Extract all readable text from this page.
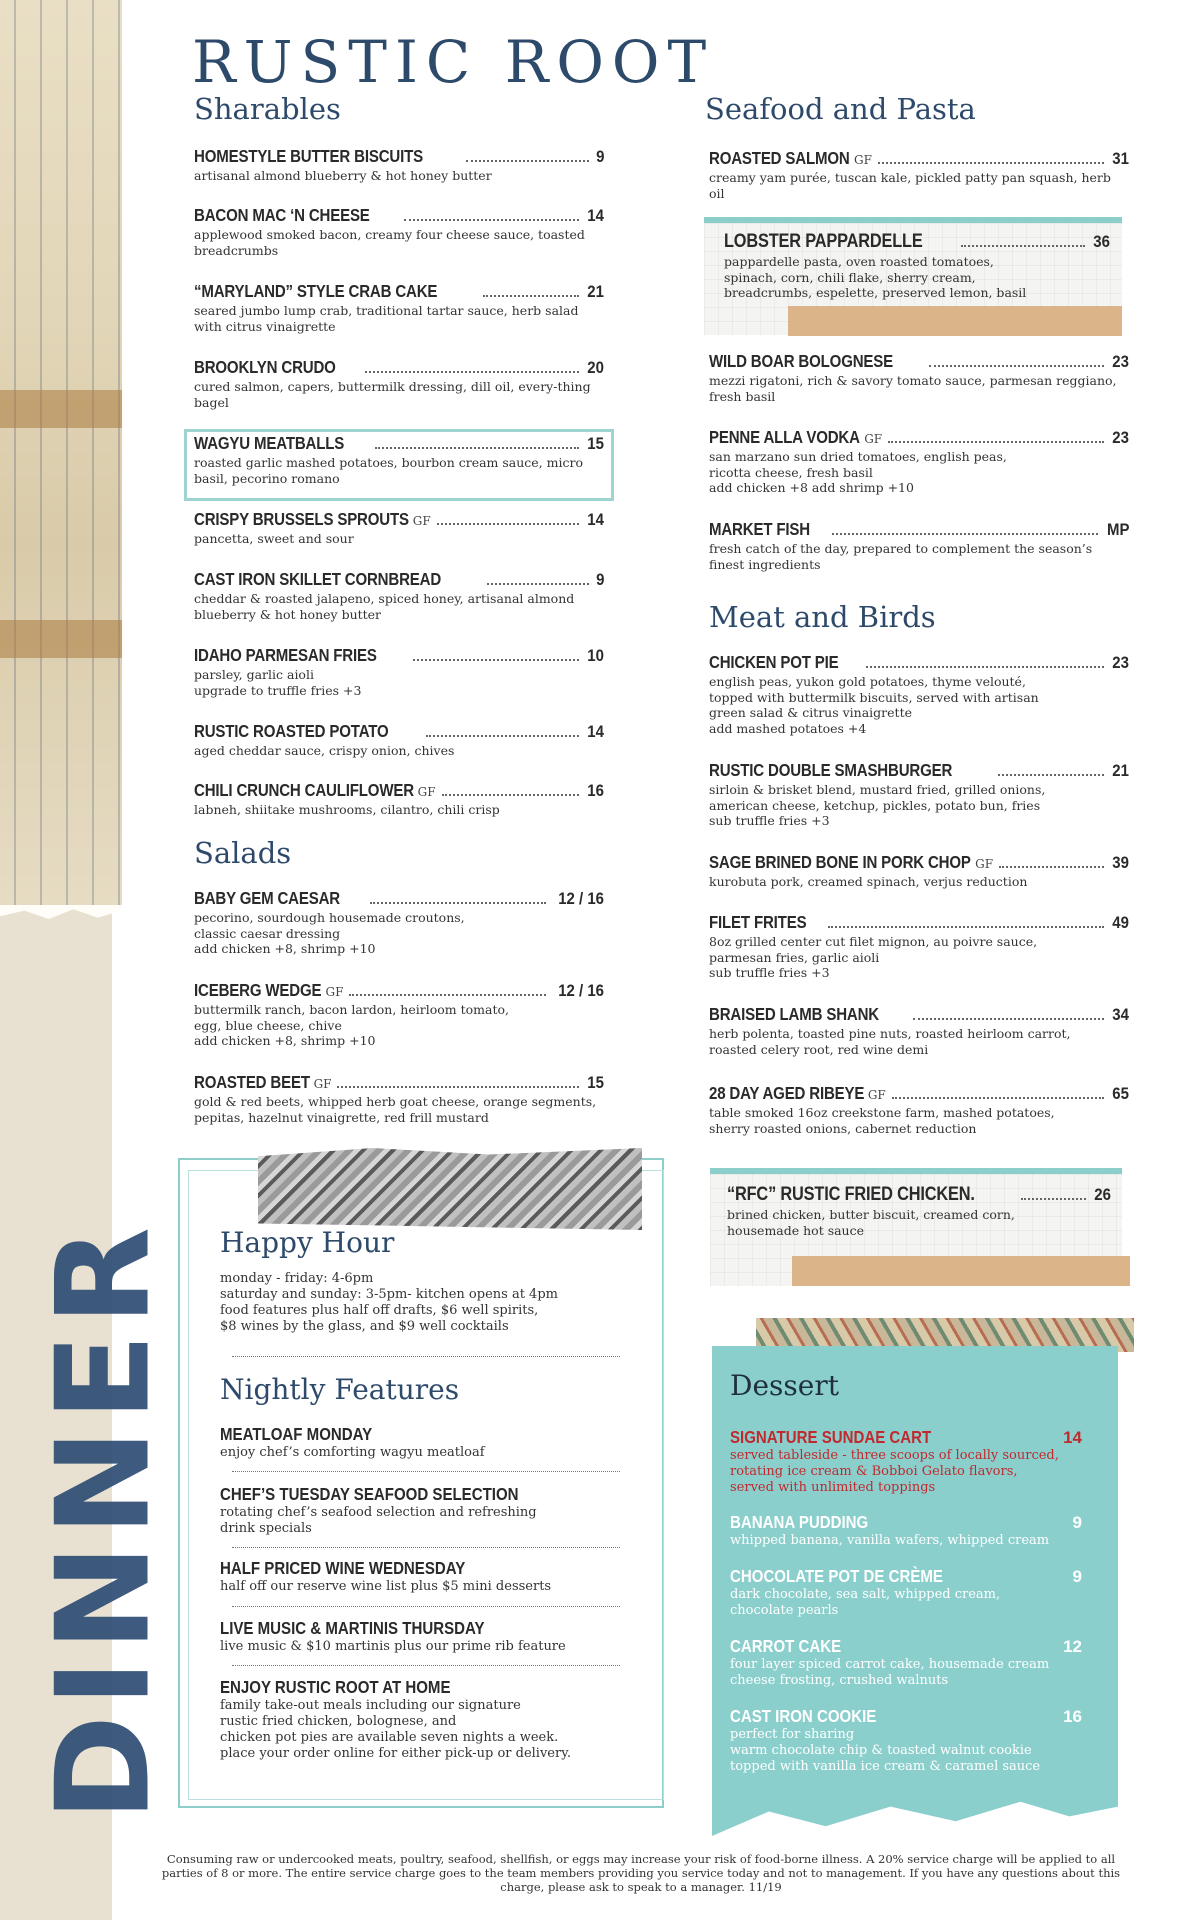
DINNER
RUSTIC ROOT
Sharables
Salads
Seafood and Pasta
Meat and Birds
HOMESTYLE BUTTER BISCUITS	9
artisanal almond blueberry & hot honey butter
BACON MAC ‘N CHEESE	14
applewood smoked bacon, creamy four cheese sauce, toasted breadcrumbs
“MARYLAND” STYLE CRAB CAKE	21
seared jumbo lump crab, traditional tartar sauce, herb salad with citrus vinaigrette
BROOKLYN CRUDO	20
cured salmon, capers, buttermilk dressing, dill oil, every-thing bagel
WAGYU MEATBALLS	15
roasted garlic mashed potatoes, bourbon cream sauce, micro basil, pecorino romano
CRISPY BRUSSELS SPROUTS GF	14
pancetta, sweet and sour
CAST IRON SKILLET CORNBREAD	9
cheddar & roasted jalapeno, spiced honey, artisanal almond blueberry & hot honey butter
IDAHO PARMESAN FRIES	10
parsley, garlic aioli
upgrade to truffle fries +3
RUSTIC ROASTED POTATO	14
aged cheddar sauce, crispy onion, chives
CHILI CRUNCH CAULIFLOWER GF	16
labneh, shiitake mushrooms, cilantro, chili crisp
BABY GEM CAESAR	12 / 16
pecorino, sourdough housemade croutons,
classic caesar dressing
add chicken +8, shrimp +10
ICEBERG WEDGE GF	12 / 16
buttermilk ranch, bacon lardon, heirloom tomato,
egg, blue cheese, chive
add chicken +8, shrimp +10
ROASTED BEET GF	15
gold & red beets, whipped herb goat cheese, orange segments, pepitas, hazelnut vinaigrette, red frill mustard
ROASTED SALMON GF	31
creamy yam purée, tuscan kale, pickled patty pan squash, herb oil
LOBSTER PAPPARDELLE	36
pappardelle pasta, oven roasted tomatoes,
spinach, corn, chili flake, sherry cream,
breadcrumbs, espelette, preserved lemon, basil
WILD BOAR BOLOGNESE	23
mezzi rigatoni, rich & savory tomato sauce, parmesan reggiano, fresh basil
PENNE ALLA VODKA GF	23
san marzano sun dried tomatoes, english peas,
ricotta cheese, fresh basil
add chicken +8 add shrimp +10
MARKET FISH	MP
fresh catch of the day, prepared to complement the season’s finest ingredients
CHICKEN POT PIE	23
english peas, yukon gold potatoes, thyme velouté,
topped with buttermilk biscuits, served with artisan
green salad & citrus vinaigrette
add mashed potatoes +4
RUSTIC DOUBLE SMASHBURGER	21
sirloin & brisket blend, mustard fried, grilled onions,
american cheese, ketchup, pickles, potato bun, fries
sub truffle fries +3
SAGE BRINED BONE IN PORK CHOP GF	39
kurobuta pork, creamed spinach, verjus reduction
FILET FRITES	49
8oz grilled center cut filet mignon, au poivre sauce,
parmesan fries, garlic aioli
sub truffle fries +3
BRAISED LAMB SHANK	34
herb polenta, toasted pine nuts, roasted heirloom carrot,
roasted celery root, red wine demi
28 DAY AGED RIBEYE GF	65
table smoked 16oz creekstone farm, mashed potatoes,
sherry roasted onions, cabernet reduction
“RFC” RUSTIC FRIED CHICKEN.	26
brined chicken, butter biscuit, creamed corn,
housemade hot sauce
Happy Hour
monday - friday: 4-6pm
saturday and sunday: 3-5pm- kitchen opens at 4pm
food features plus half off drafts, $6 well spirits,
$8 wines by the glass, and $9 well cocktails
Nightly Features
MEATLOAF MONDAY
enjoy chef’s comforting wagyu meatloaf
CHEF’S TUESDAY SEAFOOD SELECTION
rotating chef’s seafood selection and refreshing
drink specials
HALF PRICED WINE WEDNESDAY
half off our reserve wine list plus $5 mini desserts
LIVE MUSIC & MARTINIS THURSDAY
live music & $10 martinis plus our prime rib feature
ENJOY RUSTIC ROOT AT HOME
family take-out meals including our signature
rustic fried chicken, bolognese, and
chicken pot pies are available seven nights a week.
place your order online for either pick-up or delivery.
Dessert
SIGNATURE SUNDAE CART	14
served tableside - three scoops of locally sourced,
rotating ice cream & Bobboi Gelato flavors,
served with unlimited toppings
BANANA PUDDING	9
whipped banana, vanilla wafers, whipped cream
CHOCOLATE POT DE CRÈME	9
dark chocolate, sea salt, whipped cream,
chocolate pearls
CARROT CAKE	12
four layer spiced carrot cake, housemade cream
cheese frosting, crushed walnuts
CAST IRON COOKIE	16
perfect for sharing
warm chocolate chip & toasted walnut cookie
topped with vanilla ice cream & caramel sauce
Consuming raw or undercooked meats, poultry, seafood, shellfish, or eggs may increase your risk of food-borne illness. A 20% service charge will be applied to all parties of 8 or more. The entire service charge goes to the team members providing you service today and not to management. If you have any questions about this charge, please ask to speak to a manager. 11/19
